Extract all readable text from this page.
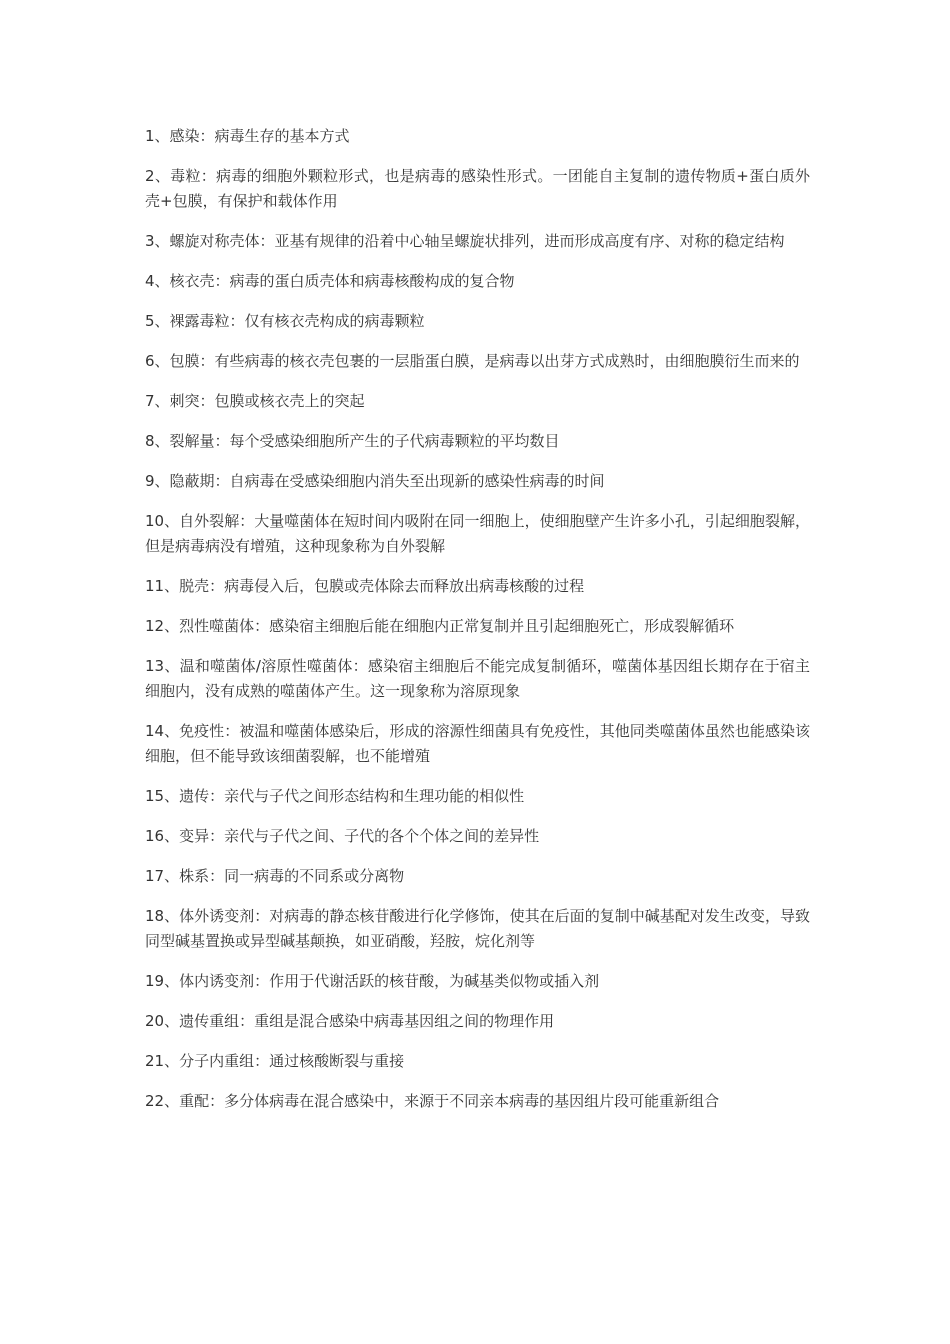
1、感染：病毒生存的基本方式

2、毒粒：病毒的细胞外颗粒形式，也是病毒的感染性形式。一团能自主复制的遗传物质+蛋白质外壳+包膜，有保护和载体作用

3、螺旋对称壳体：亚基有规律的沿着中心轴呈螺旋状排列，进而形成高度有序、对称的稳定结构

4、核衣壳：病毒的蛋白质壳体和病毒核酸构成的复合物

5、裸露毒粒：仅有核衣壳构成的病毒颗粒

6、包膜：有些病毒的核衣壳包裹的一层脂蛋白膜，是病毒以出芽方式成熟时，由细胞膜衍生而来的

7、刺突：包膜或核衣壳上的突起

8、裂解量：每个受感染细胞所产生的子代病毒颗粒的平均数目

9、隐蔽期：自病毒在受感染细胞内消失至出现新的感染性病毒的时间

10、自外裂解：大量噬菌体在短时间内吸附在同一细胞上，使细胞壁产生许多小孔，引起细胞裂解，但是病毒病没有增殖，这种现象称为自外裂解

11、脱壳：病毒侵入后，包膜或壳体除去而释放出病毒核酸的过程

12、烈性噬菌体：感染宿主细胞后能在细胞内正常复制并且引起细胞死亡，形成裂解循环

13、温和噬菌体/溶原性噬菌体：感染宿主细胞后不能完成复制循环，噬菌体基因组长期存在于宿主细胞内，没有成熟的噬菌体产生。这一现象称为溶原现象

14、免疫性：被温和噬菌体感染后，形成的溶源性细菌具有免疫性，其他同类噬菌体虽然也能感染该细胞，但不能导致该细菌裂解，也不能增殖

15、遗传：亲代与子代之间形态结构和生理功能的相似性

16、变异：亲代与子代之间、子代的各个个体之间的差异性

17、株系：同一病毒的不同系或分离物

18、体外诱变剂：对病毒的静态核苷酸进行化学修饰，使其在后面的复制中碱基配对发生改变，导致同型碱基置换或异型碱基颠换，如亚硝酸，羟胺，烷化剂等

19、体内诱变剂：作用于代谢活跃的核苷酸，为碱基类似物或插入剂

20、遗传重组：重组是混合感染中病毒基因组之间的物理作用

21、分子内重组：通过核酸断裂与重接

22、重配：多分体病毒在混合感染中，来源于不同亲本病毒的基因组片段可能重新组合
